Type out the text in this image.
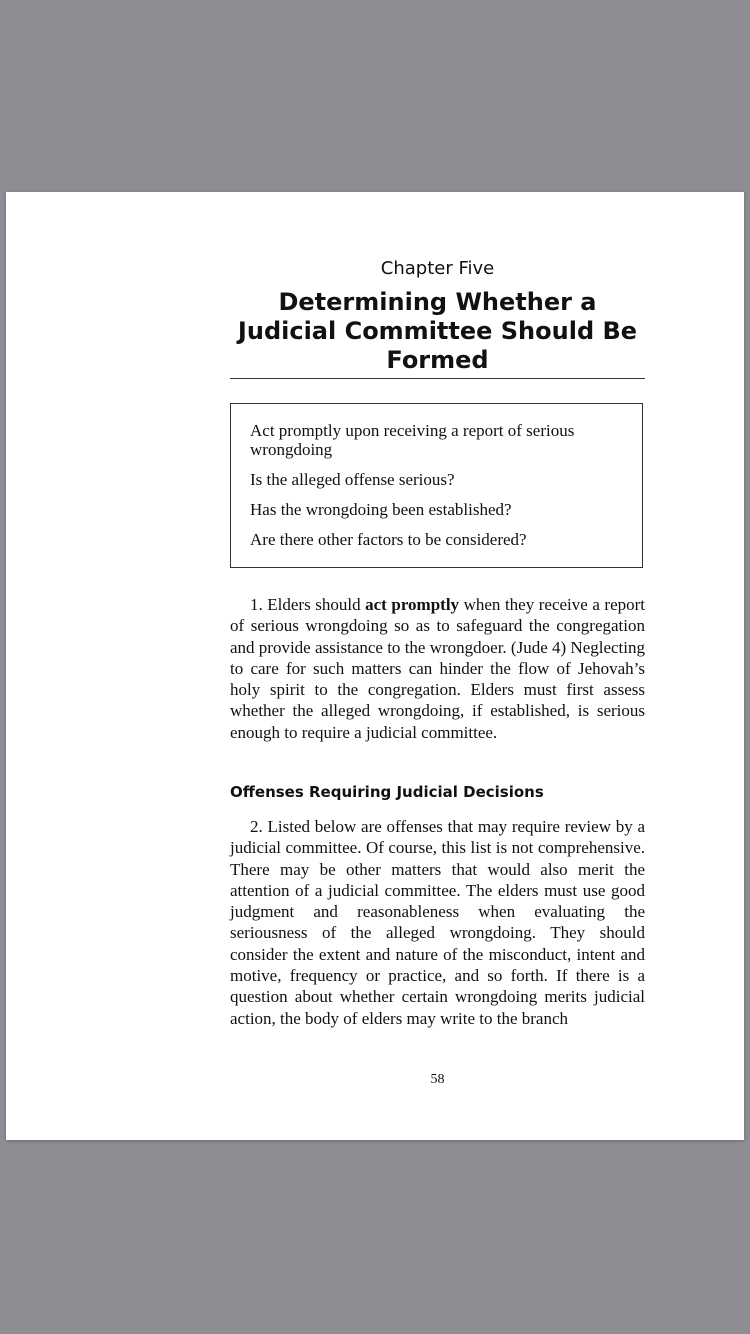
Chapter Five
Determining Whether a Judicial Committee Should Be Formed
Act promptly upon receiving a report of serious wrongdoing
Is the alleged offense serious?
Has the wrongdoing been established?
Are there other factors to be considered?

1. Elders should act promptly when they receive a report of serious wrongdoing so as to safeguard the congregation and provide assistance to the wrongdoer. (Jude 4) Neglecting to care for such matters can hinder the flow of Jehovah’s holy spirit to the congregation. Elders must first assess whether the alleged wrongdoing, if established, is serious enough to require a judicial committee.

Offenses Requiring Judicial Decisions

2. Listed below are offenses that may require review by a judicial committee. Of course, this list is not comprehensive. There may be other matters that would also merit the attention of a judicial committee. The elders must use good judgment and reasonableness when evaluating the seriousness of the alleged wrongdoing. They should consider the extent and nature of the misconduct, intent and motive, frequency or practice, and so forth. If there is a question about whether certain wrongdoing merits judicial action, the body of elders may write to the branch

58
